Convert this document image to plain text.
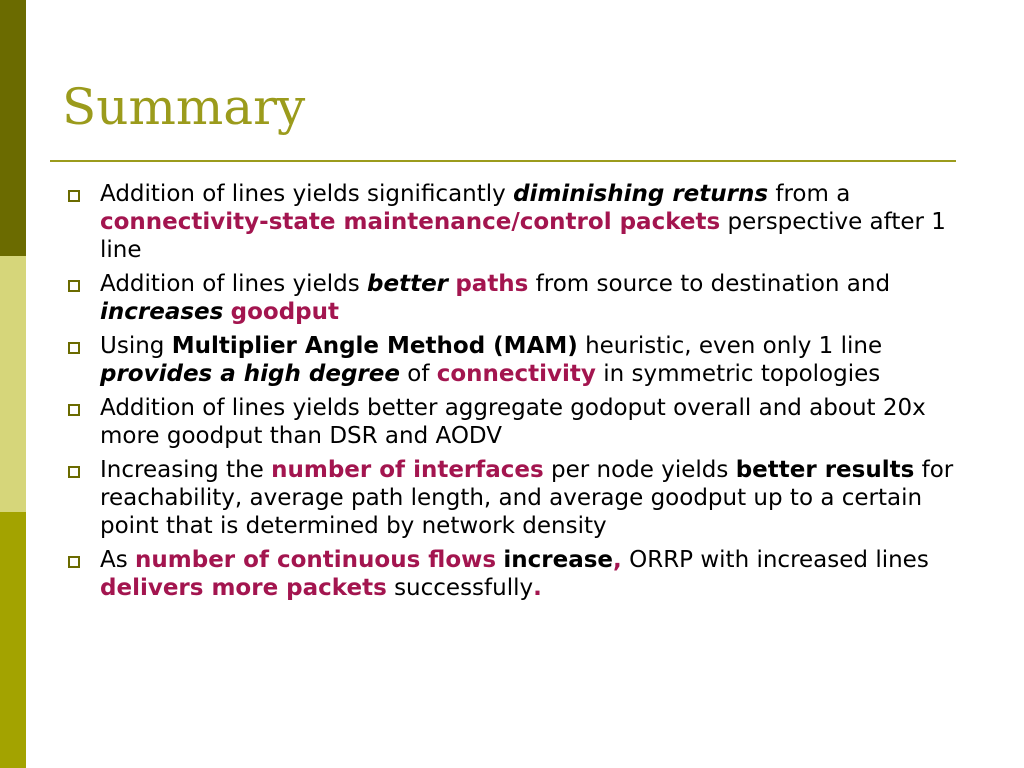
Summary
Addition of lines yields significantly diminishing returns from a connectivity-state maintenance/control packets perspective after 1 line
Addition of lines yields better paths from source to destination and increases goodput
Using Multiplier Angle Method (MAM) heuristic, even only 1 line provides a high degree of connectivity in symmetric topologies
Addition of lines yields better aggregate godoput overall and about 20x more goodput than DSR and AODV
Increasing the number of interfaces per node yields better results for reachability, average path length, and average goodput up to a certain point that is determined by network density
As number of continuous flows increase, ORRP with increased lines delivers more packets successfully.
